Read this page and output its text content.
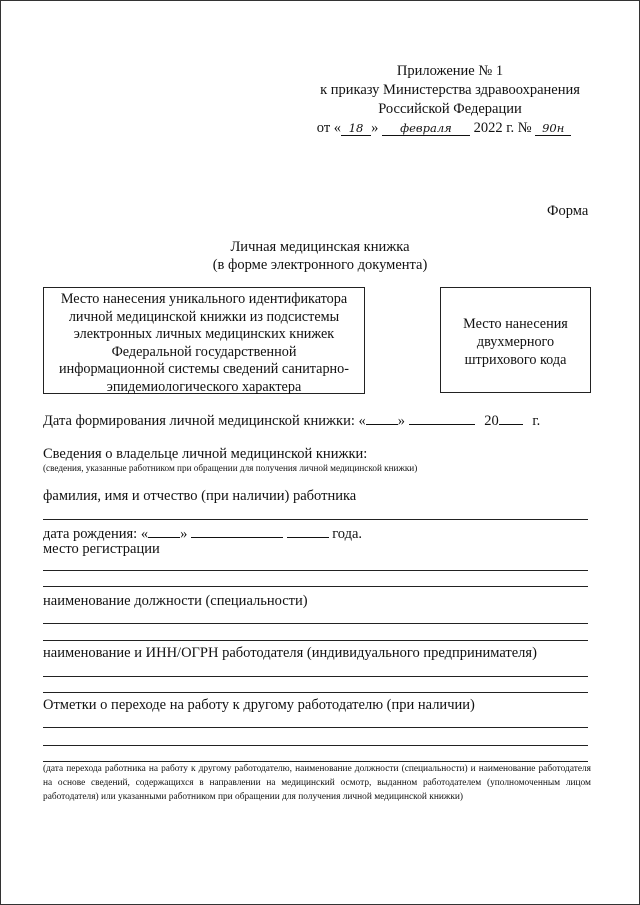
Приложение № 1
к приказу Министерства здравоохранения
Российской Федерации
от « 18 » февраля 2022 г. № 90н
Форма
Личная медицинская книжка
(в форме электронного документа)
Место нанесения уникального идентификатора
личной медицинской книжки из подсистемы
электронных личных медицинских книжек
Федеральной государственной
информационной системы сведений санитарно-
эпидемиологического характера
Место нанесения
двухмерного
штрихового кода
Дата формирования личной медицинской книжки: « »	20 г.
Сведения о владельце личной медицинской книжки:
(сведения, указанные работником при обращении для получения личной медицинской книжки)
фамилия, имя и отчество (при наличии) работника
дата рождения: « »	года.
место регистрации
наименование должности (специальности)
наименование и ИНН/ОГРН работодателя (индивидуального предпринимателя)
Отметки о переходе на работу к другому работодателю (при наличии)
(дата перехода работника на работу к другому работодателю, наименование должности (специальности) и наименование работодателя на основе сведений, содержащихся в направлении на медицинский осмотр, выданном работодателем (уполномоченным лицом работодателя) или указанными работником при обращении для получения личной медицинской книжки)
